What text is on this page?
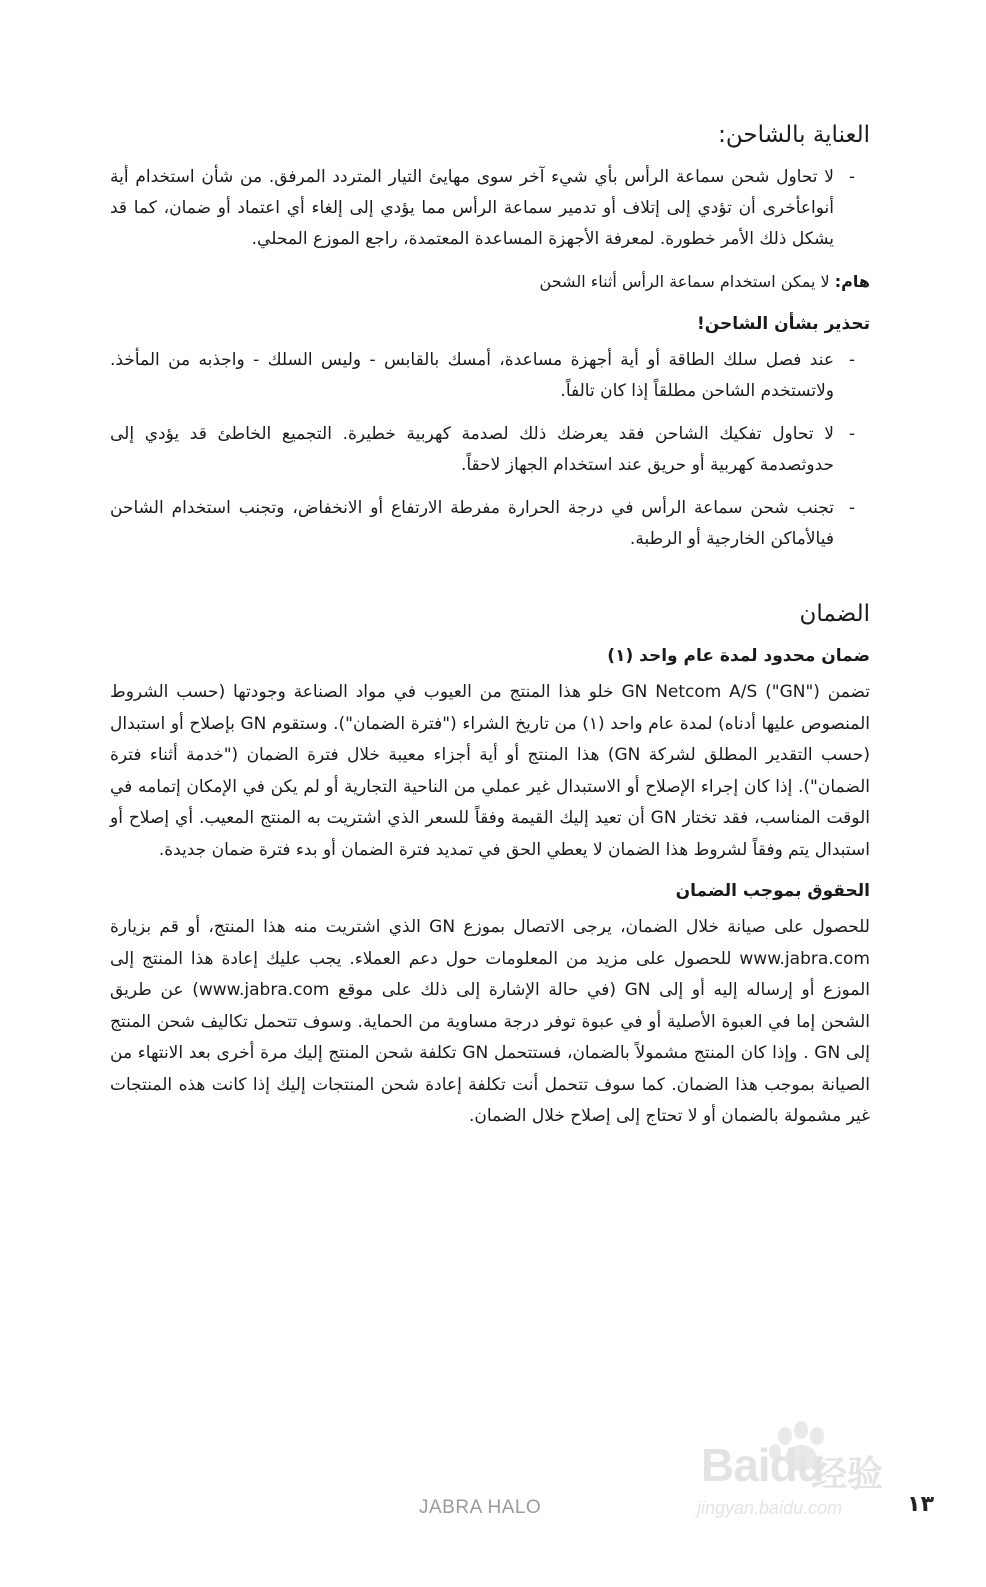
العناية بالشاحن:
-
لا تحاول شحن سماعة الرأس بأي شيء آخر سوى مهايئ التيار المتردد المرفق. من شأن استخدام أية أنواعأخرى أن تؤدي إلى إتلاف أو تدمير سماعة الرأس مما يؤدي إلى إلغاء أي اعتماد أو ضمان، كما قد يشكل ذلك الأمر خطورة. لمعرفة الأجهزة المساعدة المعتمدة، راجع الموزع المحلي.
هام: لا يمكن استخدام سماعة الرأس أثناء الشحن
تحذير بشأن الشاحن!
-
عند فصل سلك الطاقة أو أية أجهزة مساعدة، أمسك بالقابس - وليس السلك - واجذبه من المأخذ. ولاتستخدم الشاحن مطلقاً إذا كان تالفاً.
-
لا تحاول تفكيك الشاحن فقد يعرضك ذلك لصدمة كهربية خطيرة. التجميع الخاطئ قد يؤدي إلى حدوثصدمة كهربية أو حريق عند استخدام الجهاز لاحقاً.
-
تجنب شحن سماعة الرأس في درجة الحرارة مفرطة الارتفاع أو الانخفاض، وتجنب استخدام الشاحن فيالأماكن الخارجية أو الرطبة.
الضمان
ضمان محدود لمدة عام واحد (١)
تضمن GN Netcom A/S ("GN") خلو هذا المنتج من العيوب في مواد الصناعة وجودتها (حسب الشروط المنصوص عليها أدناه) لمدة عام واحد (١) من تاريخ الشراء ("فترة الضمان"). وستقوم GN بإصلاح أو استبدال (حسب التقدير المطلق لشركة GN) هذا المنتج أو أية أجزاء معيبة خلال فترة الضمان ("خدمة أثناء فترة الضمان"). إذا كان إجراء الإصلاح أو الاستبدال غير عملي من الناحية التجارية أو لم يكن في الإمكان إتمامه في الوقت المناسب، فقد تختار GN أن تعيد إليك القيمة وفقاً للسعر الذي اشتريت به المنتج المعيب. أي إصلاح أو استبدال يتم وفقاً لشروط هذا الضمان لا يعطي الحق في تمديد فترة الضمان أو بدء فترة ضمان جديدة.
الحقوق بموجب الضمان
للحصول على صيانة خلال الضمان، يرجى الاتصال بموزع GN الذي اشتريت منه هذا المنتج، أو قم بزيارة www.jabra.com للحصول على مزيد من المعلومات حول دعم العملاء. يجب عليك إعادة هذا المنتج إلى الموزع أو إرساله إليه أو إلى GN (في حالة الإشارة إلى ذلك على موقع www.jabra.com) عن طريق الشحن إما في العبوة الأصلية أو في عبوة توفر درجة مساوية من الحماية. وسوف تتحمل تكاليف شحن المنتج إلى GN . وإذا كان المنتج مشمولاً بالضمان، فستتحمل GN تكلفة شحن المنتج إليك مرة أخرى بعد الانتهاء من الصيانة بموجب هذا الضمان. كما سوف تتحمل أنت تكلفة إعادة شحن المنتجات إليك إذا كانت هذه المنتجات غير مشمولة بالضمان أو لا تحتاج إلى إصلاح خلال الضمان.
Baidu
经验
jingyan.baidu.com
JABRA HALO	١٣
